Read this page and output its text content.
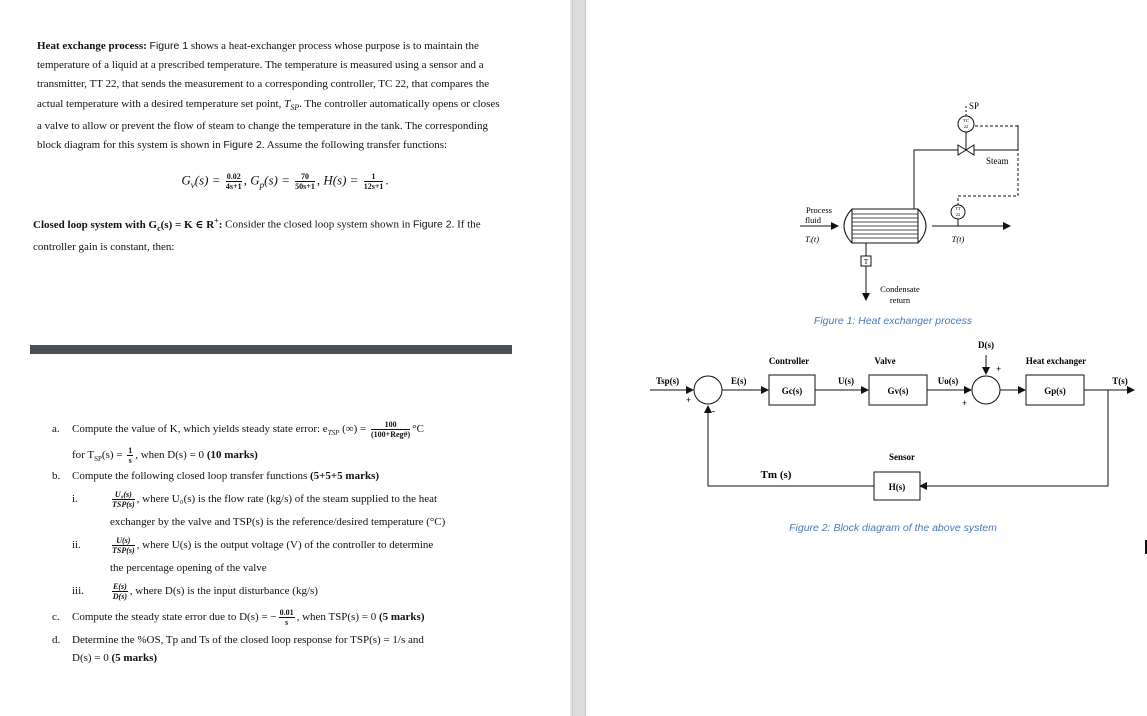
Heat exchange process: Figure 1 shows a heat-exchanger process whose purpose is to maintain the temperature of a liquid at a prescribed temperature. The temperature is measured using a sensor and a transmitter, TT 22, that sends the measurement to a corresponding controller, TC 22, that compares the actual temperature with a desired temperature set point, $T_{SP}$. The controller automatically opens or closes a valve to allow or prevent the flow of steam to change the temperature in the tank. The corresponding block diagram for this system is shown in Figure 2. Assume the following transfer functions:

$G_v(s) = \frac{0.02}{4s+1}$ , $G_p(s) = \frac{70}{50s+1}$ , $H(s) = \frac{1}{12s+1}$ .

Closed loop system with $G_c(s) = K$ ∈ R+: Consider the closed loop system shown in Figure 2. If the controller gain is constant, then:

a. Compute the value of K, which yields steady state error: $e_{TSP}$ (∞) = $\frac{100}{\text{(100+Reg\#)}} ^\circ C$
for $T_{SP}(s) = \frac{1}{s}$ , when D(s) = 0 (10 marks)
b. Compute the following closed loop transfer functions (5+5+5 marks)
i.	$\frac{\text{U₀(s)}}{\text{TSP(s)}}$ , where U₀(s) is the flow rate (kg/s) of the steam supplied to the heat
exchanger by the valve and TSP(s) is the reference/desired temperature (°C)
ii.	$\frac{U(s)}{\text{TSP(s)}}$ , where U(s) is the output voltage (V) of the controller to determine
the percentage opening of the valve
iii.	$\frac{E(s)}{D(s)}$ , where D(s) is the input disturbance (kg/s)
c. Compute the steady state error due to D(s) = − $\frac{0.01}{s}$ , when TSP(s) = 0 (5 marks)
d. Determine the %OS, Tp and Ts of the closed loop response for TSP(s) = 1/s and
D(s) = 0 (5 marks)
TC
22
SP
TT
22
Steam
Process
fluid
Tᵢ(t)	T(t)
T
Condensate
return
Figure 1: Heat exchanger process
Tsp(s)
+
-
E(s)
Controller
Gc(s)
U(s)
Valve
Gv(s)
Uo(s)
D(s)
+
+
Heat exchanger
Gp(s)
T(s)
Sensor
H(s)
Tm (s)
Figure 2: Block diagram of the above system
